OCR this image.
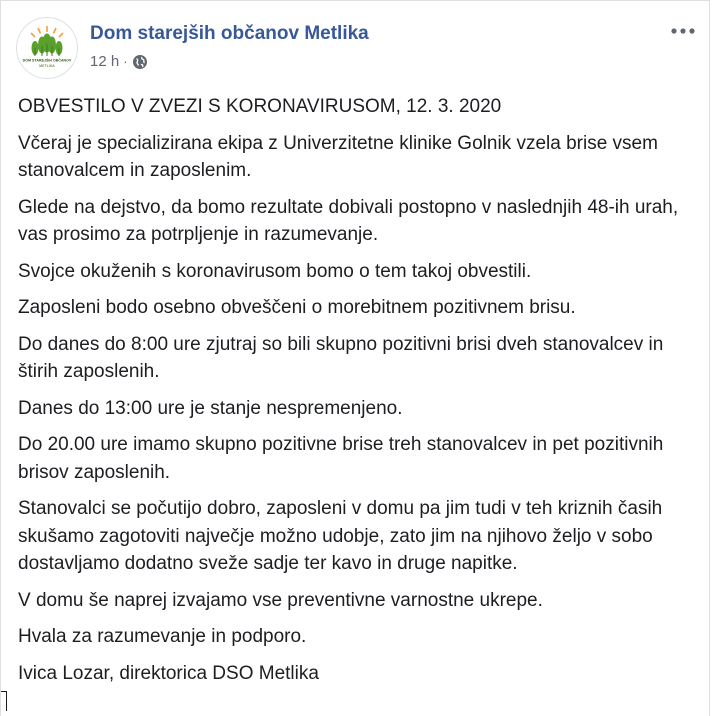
DOM STAREJŠIH OBČANOV
METLIKA
Dom starejših občanov Metlika
12 h ·

OBVESTILO V ZVEZI S KORONAVIRUSOM, 12. 3. 2020

Včeraj je specializirana ekipa z Univerzitetne klinike Golnik vzela brise vsem stanovalcem in zaposlenim.

Glede na dejstvo, da bomo rezultate dobivali postopno v naslednjih 48-ih urah, vas prosimo za potrpljenje in razumevanje.

Svojce okuženih s koronavirusom bomo o tem takoj obvestili.

Zaposleni bodo osebno obveščeni o morebitnem pozitivnem brisu.

Do danes do 8:00 ure zjutraj so bili skupno pozitivni brisi dveh stanovalcev in štirih zaposlenih.

Danes do 13:00 ure je stanje nespremenjeno.

Do 20.00 ure imamo skupno pozitivne brise treh stanovalcev in pet pozitivnih brisov zaposlenih.

Stanovalci se počutijo dobro, zaposleni v domu pa jim tudi v teh kriznih časih skušamo zagotoviti največje možno udobje, zato jim na njihovo željo v sobo dostavljamo dodatno sveže sadje ter kavo in druge napitke.

V domu še naprej izvajamo vse preventivne varnostne ukrepe.

Hvala za razumevanje in podporo.

Ivica Lozar, direktorica DSO Metlika
